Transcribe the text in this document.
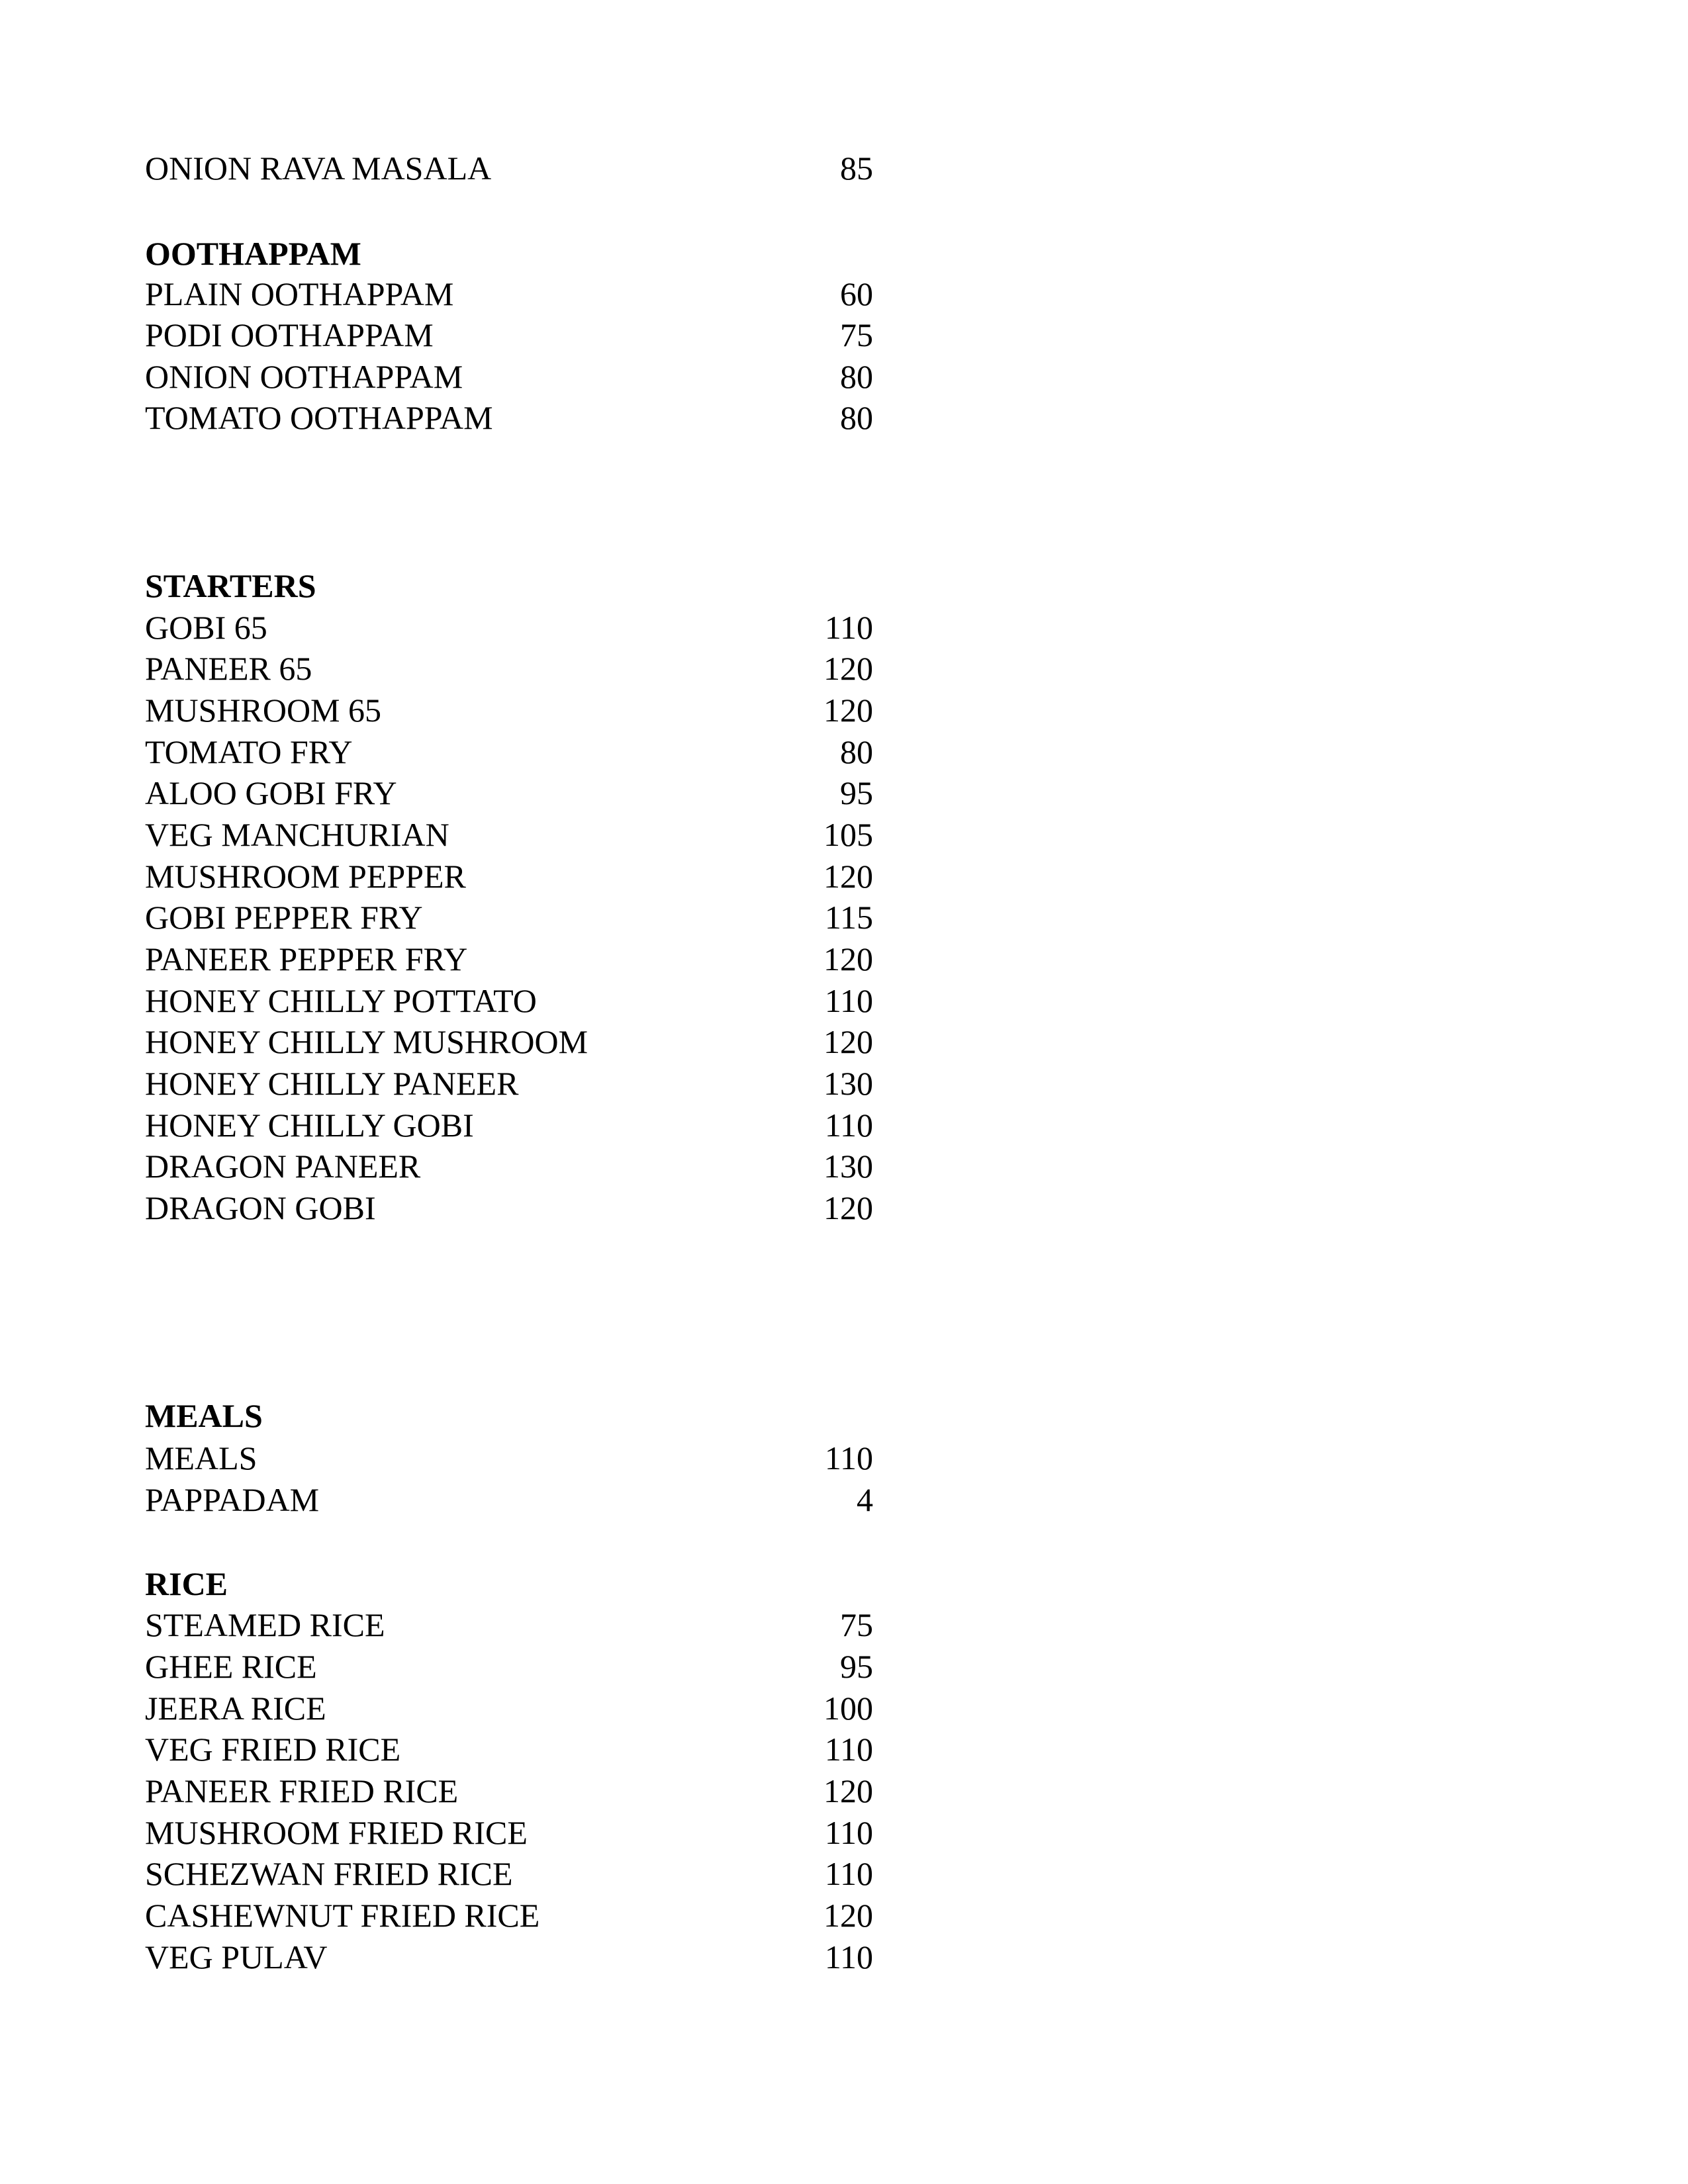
ONION RAVA MASALA	85
OOTHAPPAM
PLAIN OOTHAPPAM	60
PODI OOTHAPPAM	75
ONION OOTHAPPAM	80
TOMATO OOTHAPPAM	80
STARTERS
GOBI 65	110
PANEER 65	120
MUSHROOM 65	120
TOMATO FRY	80
ALOO GOBI FRY	95
VEG MANCHURIAN	105
MUSHROOM PEPPER	120
GOBI PEPPER FRY	115
PANEER PEPPER FRY	120
HONEY CHILLY POTTATO	110
HONEY CHILLY MUSHROOM	120
HONEY CHILLY PANEER	130
HONEY CHILLY GOBI	110
DRAGON PANEER	130
DRAGON GOBI	120
MEALS
MEALS	110
PAPPADAM	4
RICE
STEAMED RICE	75
GHEE RICE	95
JEERA RICE	100
VEG FRIED RICE	110
PANEER FRIED RICE	120
MUSHROOM FRIED RICE	110
SCHEZWAN FRIED RICE	110
CASHEWNUT FRIED RICE	120
VEG PULAV	110
